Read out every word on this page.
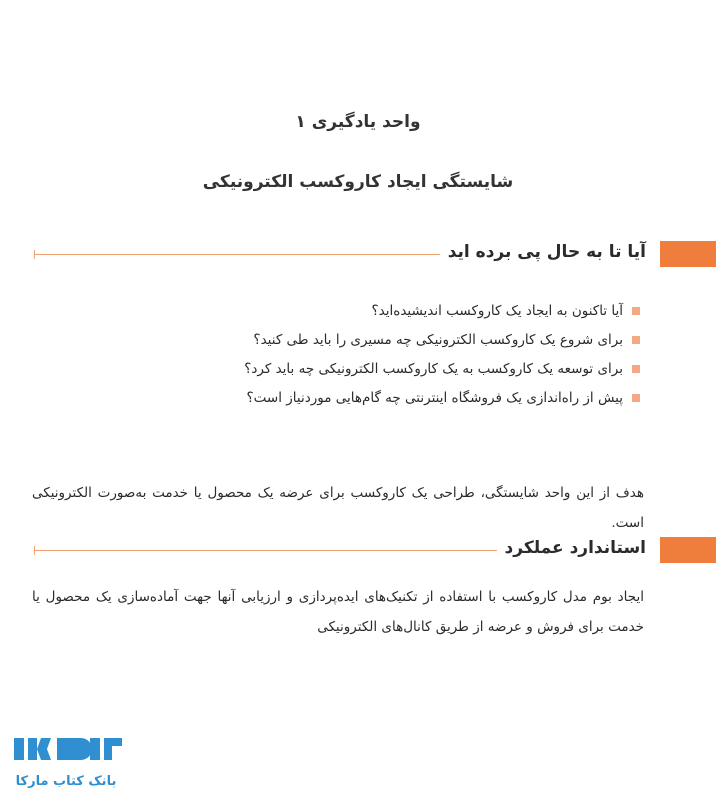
واحد یادگیری ۱
شایستگی ایجاد کاروکسب الکترونیکی
آیا تا به حال پی برده اید
آیا تاکنون به ایجاد یک کاروکسب اندیشیده‌اید؟
برای شروع یک کاروکسب الکترونیکی چه مسیری را باید طی کنید؟
برای توسعه یک کاروکسب به یک کاروکسب الکترونیکی چه باید کرد؟
پیش از راه‌اندازی یک فروشگاه اینترنتی چه گام‌هایی موردنیاز است؟

هدف از این واحد شایستگی، طراحی یک کاروکسب برای عرضه یک محصول یا خدمت به‌صورت الکترونیکی است.

استاندارد عملکرد

ایجاد بوم مدل کاروکسب با استفاده از تکنیک‌های ایده‌پردازی و ارزیابی آنها جهت آماده‌سازی یک محصول یا خدمت برای فروش و عرضه از طریق کانال‌های الکترونیکی

بانک کتاب مارکا
